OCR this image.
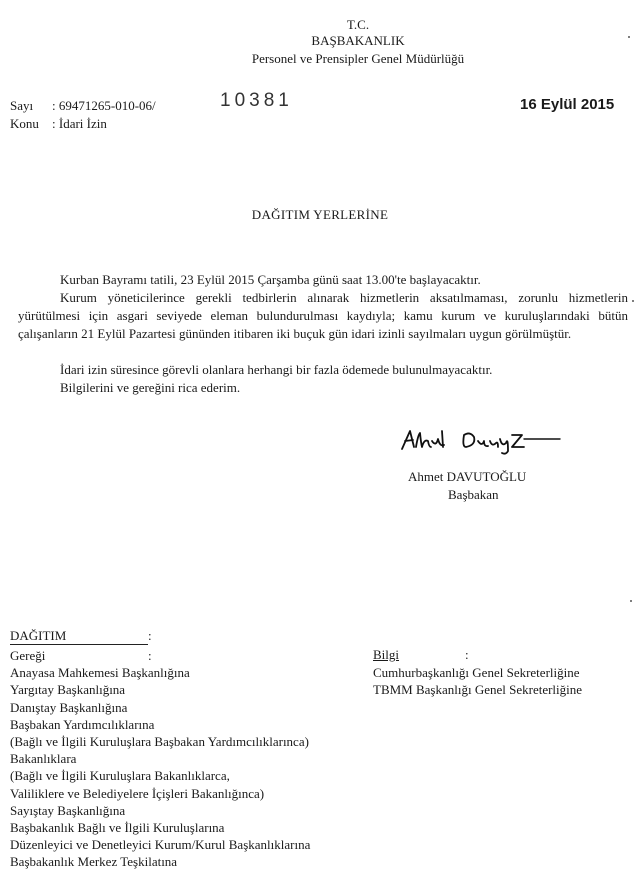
T.C.
BAŞBAKANLIK
Personel ve Prensipler Genel Müdürlüğü
Sayı : 69471265-010-06/	10381	16 Eylül 2015
Konu : İdari İzin
DAĞITIM YERLERİNE
Kurban Bayramı tatili, 23 Eylül 2015 Çarşamba günü saat 13.00'te başlayacaktır.
Kurum yöneticilerince gerekli tedbirlerin alınarak hizmetlerin aksatılmaması, zorunlu hizmetlerin yürütülmesi için asgari seviyede eleman bulundurulması kaydıyla; kamu kurum ve kuruluşlarındaki bütün çalışanların 21 Eylül Pazartesi gününden itibaren iki buçuk gün idari izinli sayılmaları uygun görülmüştür.
İdari izin süresince görevli olanlara herhangi bir fazla ödemede bulunulmayacaktır.
Bilgilerini ve gereğini rica ederim.
Ahmet DAVUTOĞLU
Başbakan
DAĞITIM	:
Gereği	:
Anayasa Mahkemesi Başkanlığına
Yargıtay Başkanlığına
Danıştay Başkanlığına
Başbakan Yardımcılıklarına
(Bağlı ve İlgili Kuruluşlara Başbakan Yardımcılıklarınca)
Bakanlıklara
(Bağlı ve İlgili Kuruluşlara Bakanlıklarca,
Valiliklere ve Belediyelere İçişleri Bakanlığınca)
Sayıştay Başkanlığına
Başbakanlık Bağlı ve İlgili Kuruluşlarına
Düzenleyici ve Denetleyici Kurum/Kurul Başkanlıklarına
Başbakanlık Merkez Teşkilatına
Bilgi	:
Cumhurbaşkanlığı Genel Sekreterliğine
TBMM Başkanlığı Genel Sekreterliğine
